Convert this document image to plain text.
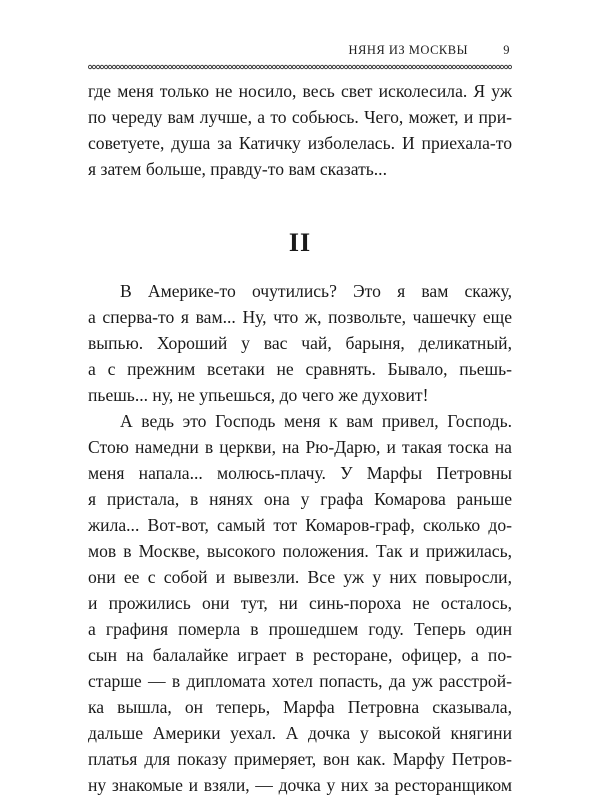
НЯНЯ ИЗ МОСКВЫ	9
где меня только не носило, весь свет исколесила. Я уж
по череду вам лучше, а то собьюсь. Чего, может, и при-
советуете, душа за Катичку изболелась. И приехала-то
я затем больше, правду-то вам сказать...
II
В Америке-то очутились? Это я вам скажу,
а сперва-то я вам... Ну, что ж, позвольте, чашечку еще
выпью. Хороший у вас чай, барыня, деликатный,
а с прежним всетаки не сравнять. Бывало, пьешь-
пьешь... ну, не упьешься, до чего же духовит!
А ведь это Господь меня к вам привел, Господь.
Стою намедни в церкви, на Рю-Дарю, и такая тоска на
меня напала... молюсь-плачу. У Марфы Петровны
я пристала, в нянях она у графа Комарова раньше
жила... Вот-вот, самый тот Комаров-граф, сколько до-
мов в Москве, высокого положения. Так и прижилась,
они ее с собой и вывезли. Все уж у них повыросли,
и прожились они тут, ни синь-пороха не осталось,
а графиня померла в прошедшем году. Теперь один
сын на балалайке играет в ресторане, офицер, а по-
старше — в дипломата хотел попасть, да уж расстрой-
ка вышла, он теперь, Марфа Петровна сказывала,
дальше Америки уехал. А дочка у высокой княгини
платья для показу примеряет, вон как. Марфу Петров-
ну знакомые и взяли, — дочка у них за ресторанщиком
